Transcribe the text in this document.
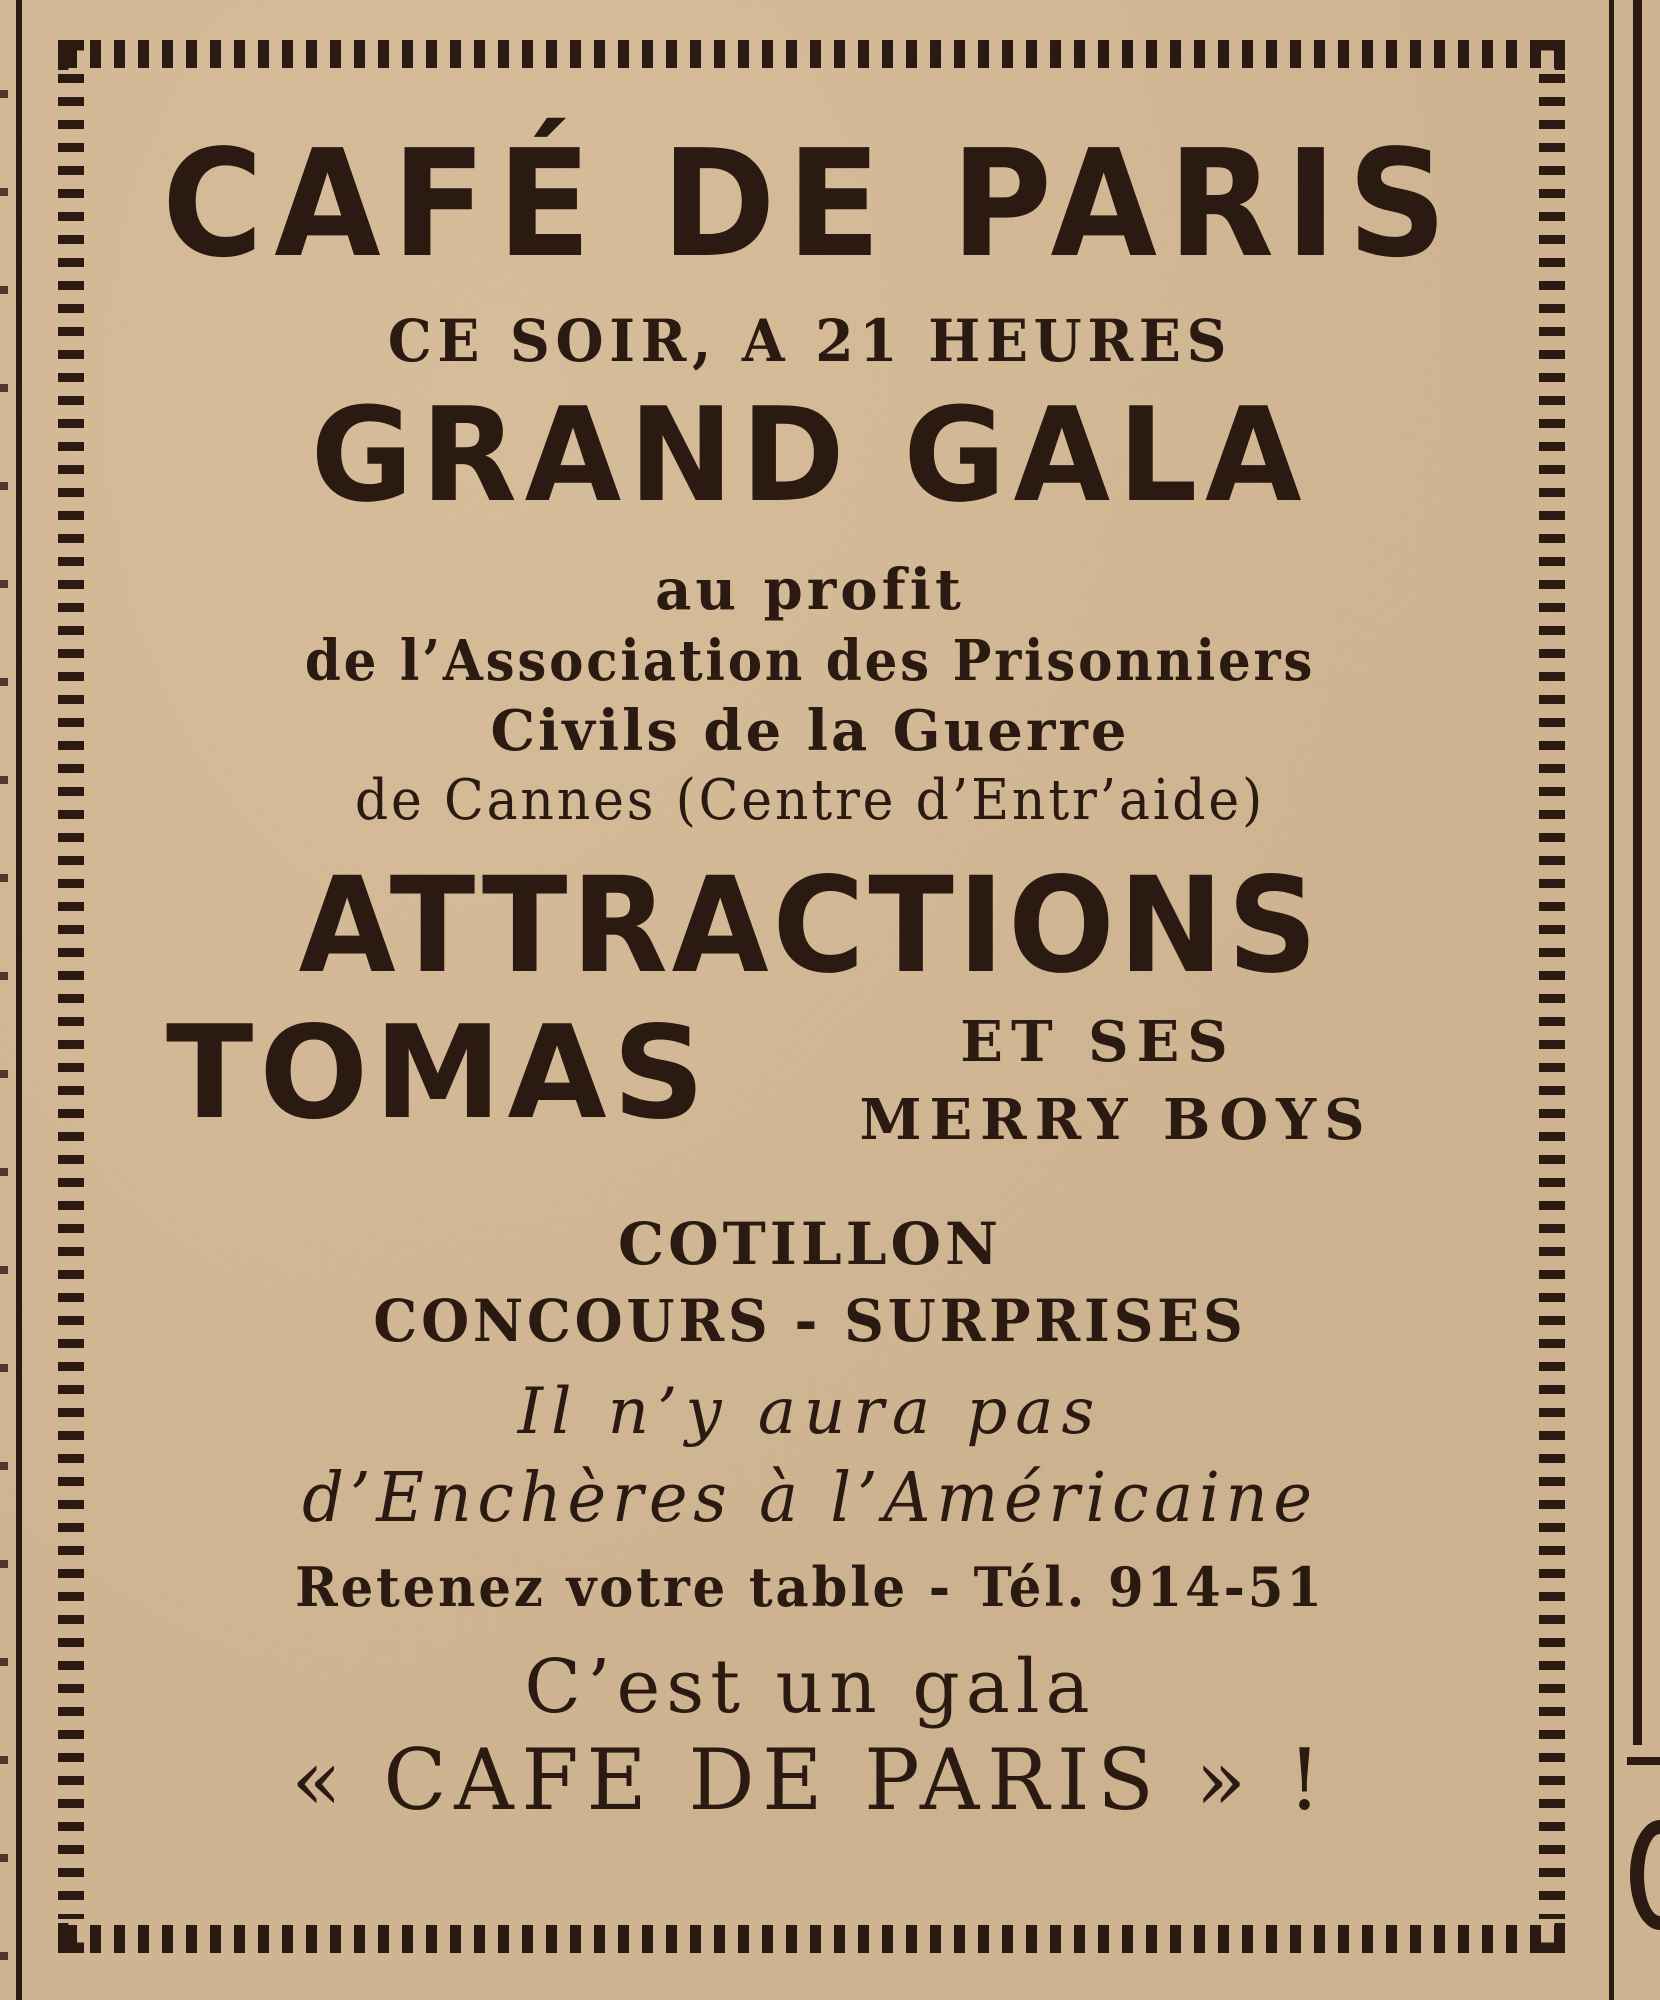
CAFÉ DE PARIS
CE SOIR, A 21 HEURES
GRAND GALA
au profit
de l’Association des Prisonniers
Civils de la Guerre
de Cannes (Centre d’Entr’aide)
ATTRACTIONS
TOMAS	ET SES
MERRY BOYS
COTILLON
CONCOURS - SURPRISES
Il n’y aura pas
d’Enchères à l’Américaine
Retenez votre table - Tél. 914-51
C’est un gala
« CAFE DE PARIS » !
